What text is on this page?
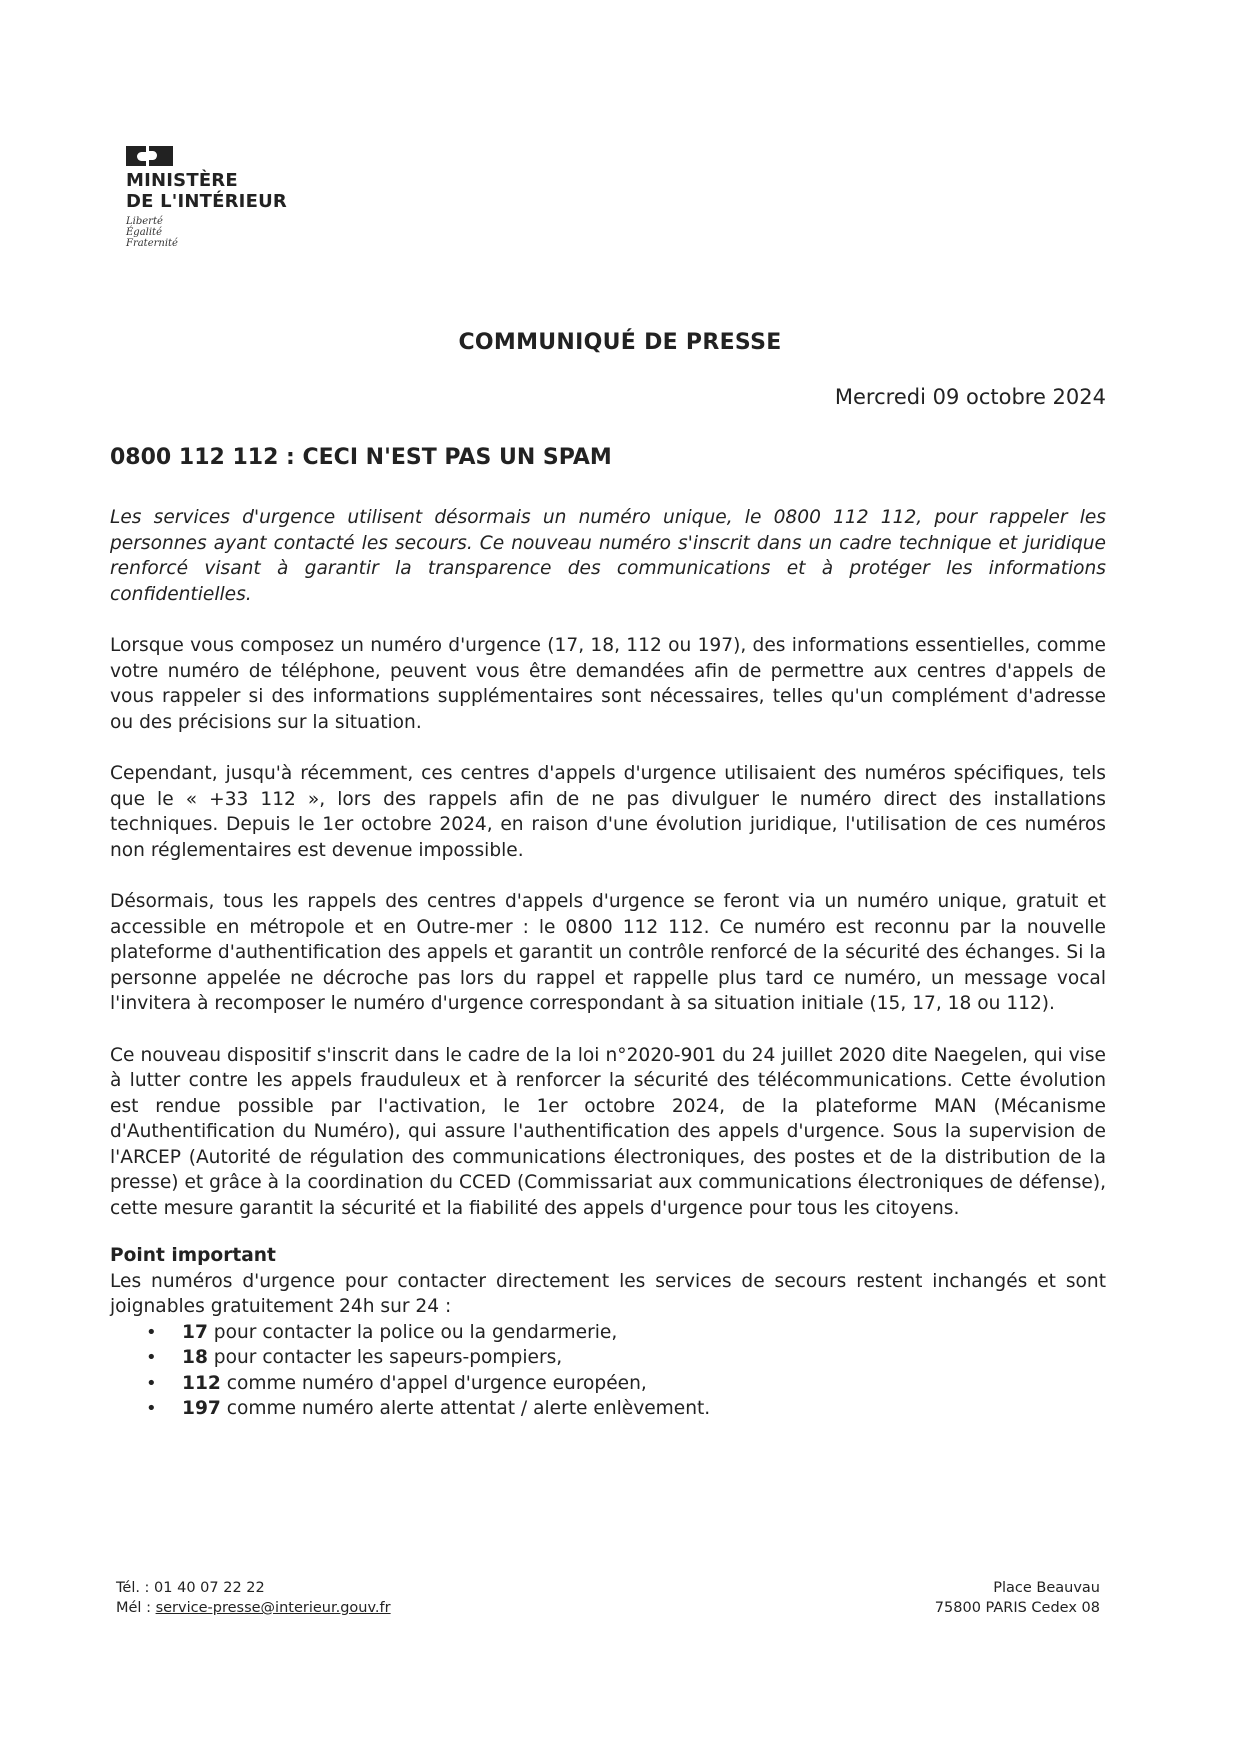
MINISTÈRE
DE L'INTÉRIEUR
Liberté
Égalité
Fraternité
COMMUNIQUÉ DE PRESSE
Mercredi 09 octobre 2024
0800 112 112 : CECI N'EST PAS UN SPAM

Les services d'urgence utilisent désormais un numéro unique, le 0800 112 112, pour rappeler les personnes ayant contacté les secours. Ce nouveau numéro s'inscrit dans un cadre technique et juridique renforcé visant à garantir la transparence des communications et à protéger les informations confidentielles.

Lorsque vous composez un numéro d'urgence (17, 18, 112 ou 197), des informations essentielles, comme votre numéro de téléphone, peuvent vous être demandées afin de permettre aux centres d'appels de vous rappeler si des informations supplémentaires sont nécessaires, telles qu'un complément d'adresse ou des précisions sur la situation.

Cependant, jusqu'à récemment, ces centres d'appels d'urgence utilisaient des numéros spécifiques, tels que le « +33 112 », lors des rappels afin de ne pas divulguer le numéro direct des installations techniques. Depuis le 1er octobre 2024, en raison d'une évolution juridique, l'utilisation de ces numéros non réglementaires est devenue impossible.

Désormais, tous les rappels des centres d'appels d'urgence se feront via un numéro unique, gratuit et accessible en métropole et en Outre-mer : le 0800 112 112. Ce numéro est reconnu par la nouvelle plateforme d'authentification des appels et garantit un contrôle renforcé de la sécurité des échanges. Si la personne appelée ne décroche pas lors du rappel et rappelle plus tard ce numéro, un message vocal l'invitera à recomposer le numéro d'urgence correspondant à sa situation initiale (15, 17, 18 ou 112).

Ce nouveau dispositif s'inscrit dans le cadre de la loi n°2020-901 du 24 juillet 2020 dite Naegelen, qui vise à lutter contre les appels frauduleux et à renforcer la sécurité des télécommunications. Cette évolution est rendue possible par l'activation, le 1er octobre 2024, de la plateforme MAN (Mécanisme d'Authentification du Numéro), qui assure l'authentification des appels d'urgence. Sous la supervision de l'ARCEP (Autorité de régulation des communications électroniques, des postes et de la distribution de la presse) et grâce à la coordination du CCED (Commissariat aux communications électroniques de défense), cette mesure garantit la sécurité et la fiabilité des appels d'urgence pour tous les citoyens.

Point important
Les numéros d'urgence pour contacter directement les services de secours restent inchangés et sont joignables gratuitement 24h sur 24 :
• 17 pour contacter la police ou la gendarmerie,
• 18 pour contacter les sapeurs-pompiers,
• 112 comme numéro d'appel d'urgence européen,
• 197 comme numéro alerte attentat / alerte enlèvement.
Tél. : 01 40 07 22 22
Mél : service-presse@interieur.gouv.fr
Place Beauvau
75800 PARIS Cedex 08
